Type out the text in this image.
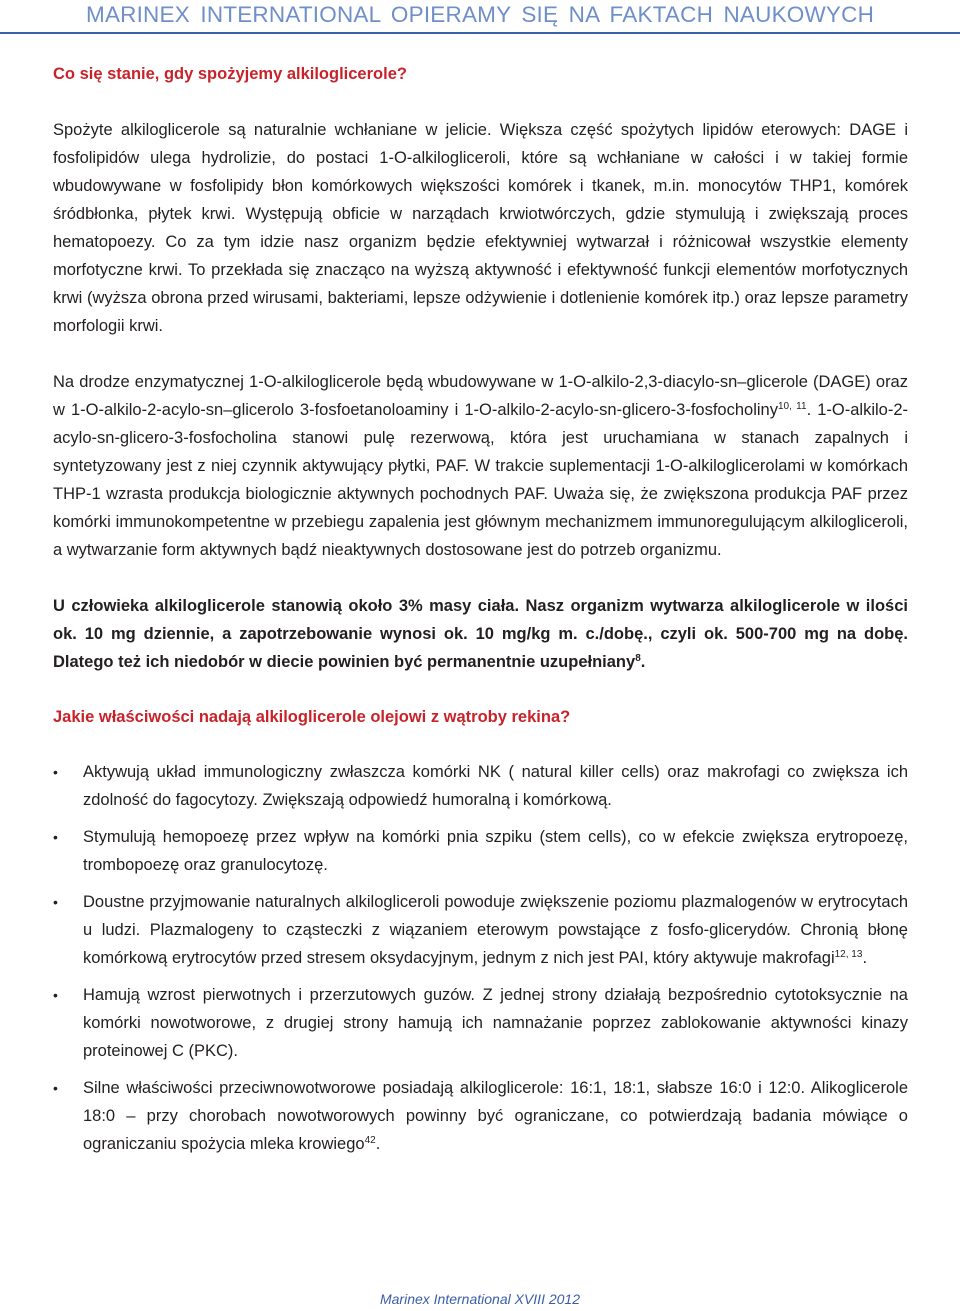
MARINEX INTERNATIONAL OPIERAMY SIĘ NA FAKTACH NAUKOWYCH
Co się stanie, gdy spożyjemy alkiloglicerole?

Spożyte alkiloglicerole są naturalnie wchłaniane w jelicie. Większa część spożytych lipidów eterowych: DAGE i fosfolipidów ulega hydrolizie, do postaci 1-O-alkiloglicerolі, które są wchłaniane w całości i w takiej formie wbudowywane w fosfolipidy błon komórkowych większości komórek i tkanek, m.in. monocytów THP1, komórek śródbłonka, płytek krwi. Występują obficie w narządach krwiotwórczych, gdzie stymulują i zwiększają proces hematopoezy. Co za tym idzie nasz organizm będzie efektywniej wytwarzał i różnicował wszystkie elementy morfotyczne krwi. To przekłada się znacząco na wyższą aktywność i efektywność funkcji elementów morfotycznych krwi (wyższa obrona przed wirusami, bakteriami, lepsze odżywienie i dotlenienie komórek itp.) oraz lepsze parametry morfologii krwi.

Na drodze enzymatycznej 1-O-alkiloglicerole będą wbudowywane w 1-O-alkilo-2,3-diacylo-sn–glicerole (DAGE) oraz w 1-O-alkilo-2-acylo-sn–glicerolo 3-fosfoetanoloaminy i 1-O-alkilo-2-acylo-sn-glicero-3-fosfocholiny$^{10, 11}$. 1-O-alkilo-2-acylo-sn-glicero-3-fosfocholina stanowi pulę rezerwową, która jest uruchamiana w stanach zapalnych i syntetyzowany jest z niej czynnik aktywujący płytki, PAF. W trakcie suplementacji 1-O-alkiloglicerolami w komórkach THP-1 wzrasta produkcja biologicznie aktywnych pochodnych PAF. Uważa się, że zwiększona produkcja PAF przez komórki immunokompetentne w przebiegu zapalenia jest głównym mechanizmem immunoregulującym alkiloglicerolі, a wytwarzanie form aktywnych bądź nieaktywnych dostosowane jest do potrzeb organizmu.

U człowieka alkiloglicerole stanowią około 3% masy ciała. Nasz organizm wytwarza alkiloglicerole w ilości ok. 10 mg dziennie, a zapotrzebowanie wynosi ok. 10 mg/kg m. c./dobę., czyli ok. 500-700 mg na dobę. Dlatego też ich niedobór w diecie powinien być permanentnie uzupełniany$^8$.

Jakie właściwości nadają alkiloglicerole olejowi z wątroby rekina?
• Aktywują układ immunologiczny zwłaszcza komórki NK ( natural killer cells) oraz makrofagi co zwiększa ich zdolność do fagocytozy. Zwiększają odpowiedź humoralną i komórkową.
• Stymulują hemopoezę przez wpływ na komórki pnia szpiku (stem cells), co w efekcie zwiększa erytropoezę, trombopoezę oraz granulocytozę.
• Doustne przyjmowanie naturalnych alkiloglicerolі powoduje zwiększenie poziomu plazmalogenów w erytrocytach u ludzi. Plazmalogeny to cząsteczki z wiązaniem eterowym powstające z fosfo-glicerydów. Chronią błonę komórkową erytrocytów przed stresem oksydacyjnym, jednym z nich jest PAI, który aktywuje makrofagi$^{12, 13}$.
• Hamują wzrost pierwotnych i przerzutowych guzów. Z jednej strony działają bezpośrednio cytotoksycznie na komórki nowotworowe, z drugiej strony hamują ich namnażanie poprzez zablokowanie aktywności kinazy proteinowej C (PKC).
• Silne właściwości przeciwnowotworowe posiadają alkiloglicerole: 16:1, 18:1, słabsze 16:0 i 12:0. Alikoglicerole 18:0 – przy chorobach nowotworowych powinny być ograniczane, co potwierdzają badania mówiące o ograniczaniu spożycia mleka krowiego$^{42}$.
Marinex International XVIII 2012
